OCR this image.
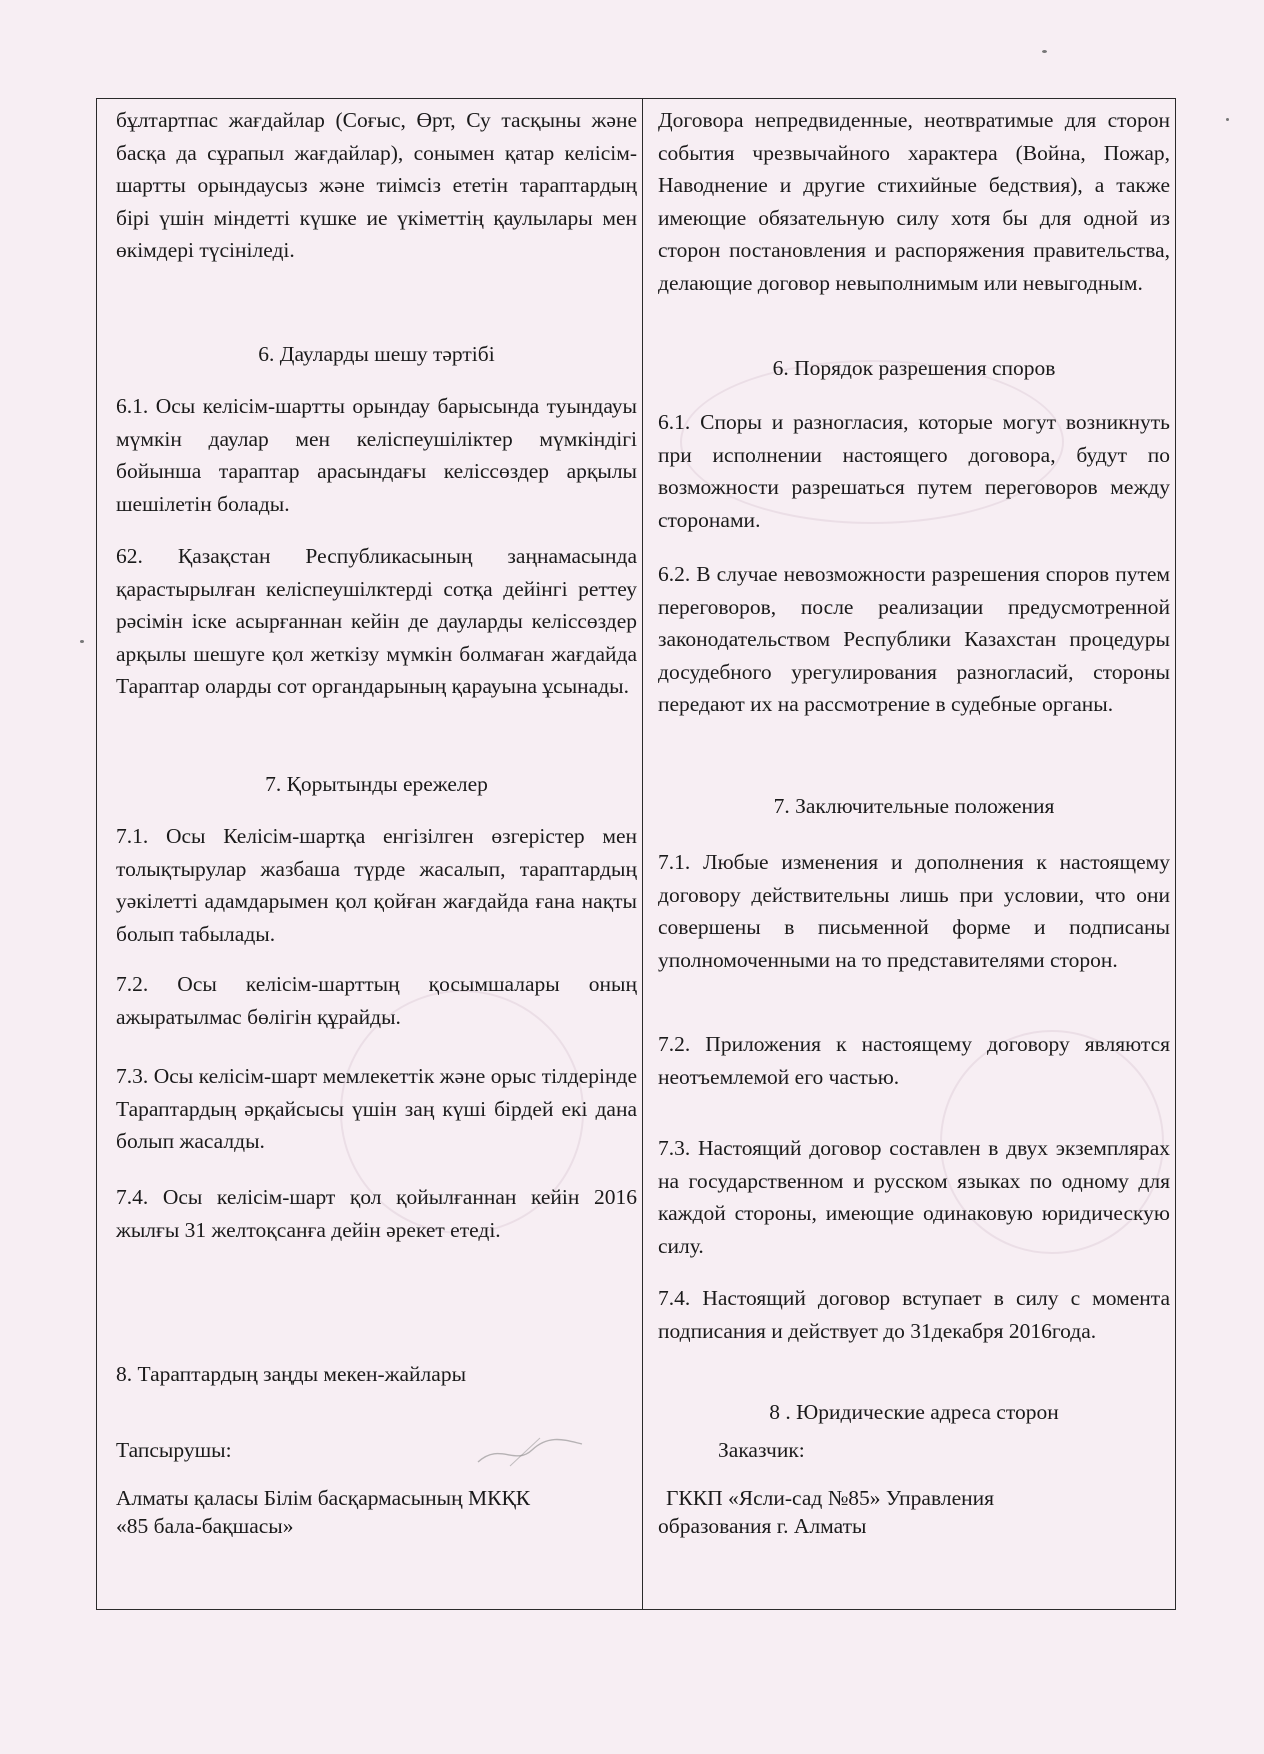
бұлтартпас жағдайлар (Соғыс, Өрт, Су тасқыны және басқа да сұрапыл жағдайлар), сонымен қатар келісім-шартты орындаусыз және тиімсіз ететін тараптардың бірі үшін міндетті күшке ие үкіметтің қаулылары мен өкімдері түсініледі.

6. Дауларды шешу тәртібі

6.1. Осы келісім-шартты орындау барысында туындауы мүмкін даулар мен келіспеушіліктер мүмкіндігі бойынша тараптар арасындағы келіссөздер арқылы шешілетін болады.

62. Қазақстан Республикасының заңнамасында қарастырылған келіспеушілктерді сотқа дейінгі реттеу рәсімін іске асырғаннан кейін де дауларды келіссөздер арқылы шешуге қол жеткізу мүмкін болмаған жағдайда Тараптар оларды сот органдарының қарауына ұсынады.

7. Қорытынды ережелер

7.1. Осы Келісім-шартқа енгізілген өзгерістер мен толықтырулар жазбаша түрде жасалып, тараптардың уәкілетті адамдарымен қол қойған жағдайда ғана нақты болып табылады.

7.2. Осы келісім-шарттың қосымшалары оның ажыратылмас бөлігін құрайды.

7.3. Осы келісім-шарт мемлекеттік және орыс тілдерінде Тараптардың әрқайсысы үшін заң күші бірдей екі дана болып жасалды.

7.4. Осы келісім-шарт қол қойылғаннан кейін 2016 жылғы 31 желтоқсанға дейін әрекет етеді.

8. Тараптардың заңды мекен-жайлары

Тапсырушы:

Алматы қаласы Білім басқармасының МКҚК

«85 бала-бақшасы»

Договора непредвиденные, неотвратимые для сторон события чрезвычайного характера (Война, Пожар, Наводнение и другие стихийные бедствия), а также имеющие обязательную силу хотя бы для одной из сторон постановления и распоряжения правительства, делающие договор невыполнимым или невыгодным.

6. Порядок разрешения споров

6.1. Споры и разногласия, которые могут возникнуть при исполнении настоящего договора, будут по возможности разрешаться путем переговоров между сторонами.

6.2. В случае невозможности разрешения споров путем переговоров, после реализации предусмотренной законодательством Республики Казахстан процедуры досудебного урегулирования разногласий, стороны передают их на рассмотрение в судебные органы.

7. Заключительные положения

7.1. Любые изменения и дополнения к настоящему договору действительны лишь при условии, что они совершены в письменной форме и подписаны уполномоченными на то представителями сторон.

7.2. Приложения к настоящему договору являются неотъемлемой его частью.

7.3. Настоящий договор составлен в двух экземплярах на государственном и русском языках по одному для каждой стороны, имеющие одинаковую юридическую силу.

7.4. Настоящий договор вступает в силу с момента подписания и действует до 31декабря 2016года.

8 . Юридические адреса сторон

Заказчик:

ГККП «Ясли-сад №85» Управления

образования г. Алматы
